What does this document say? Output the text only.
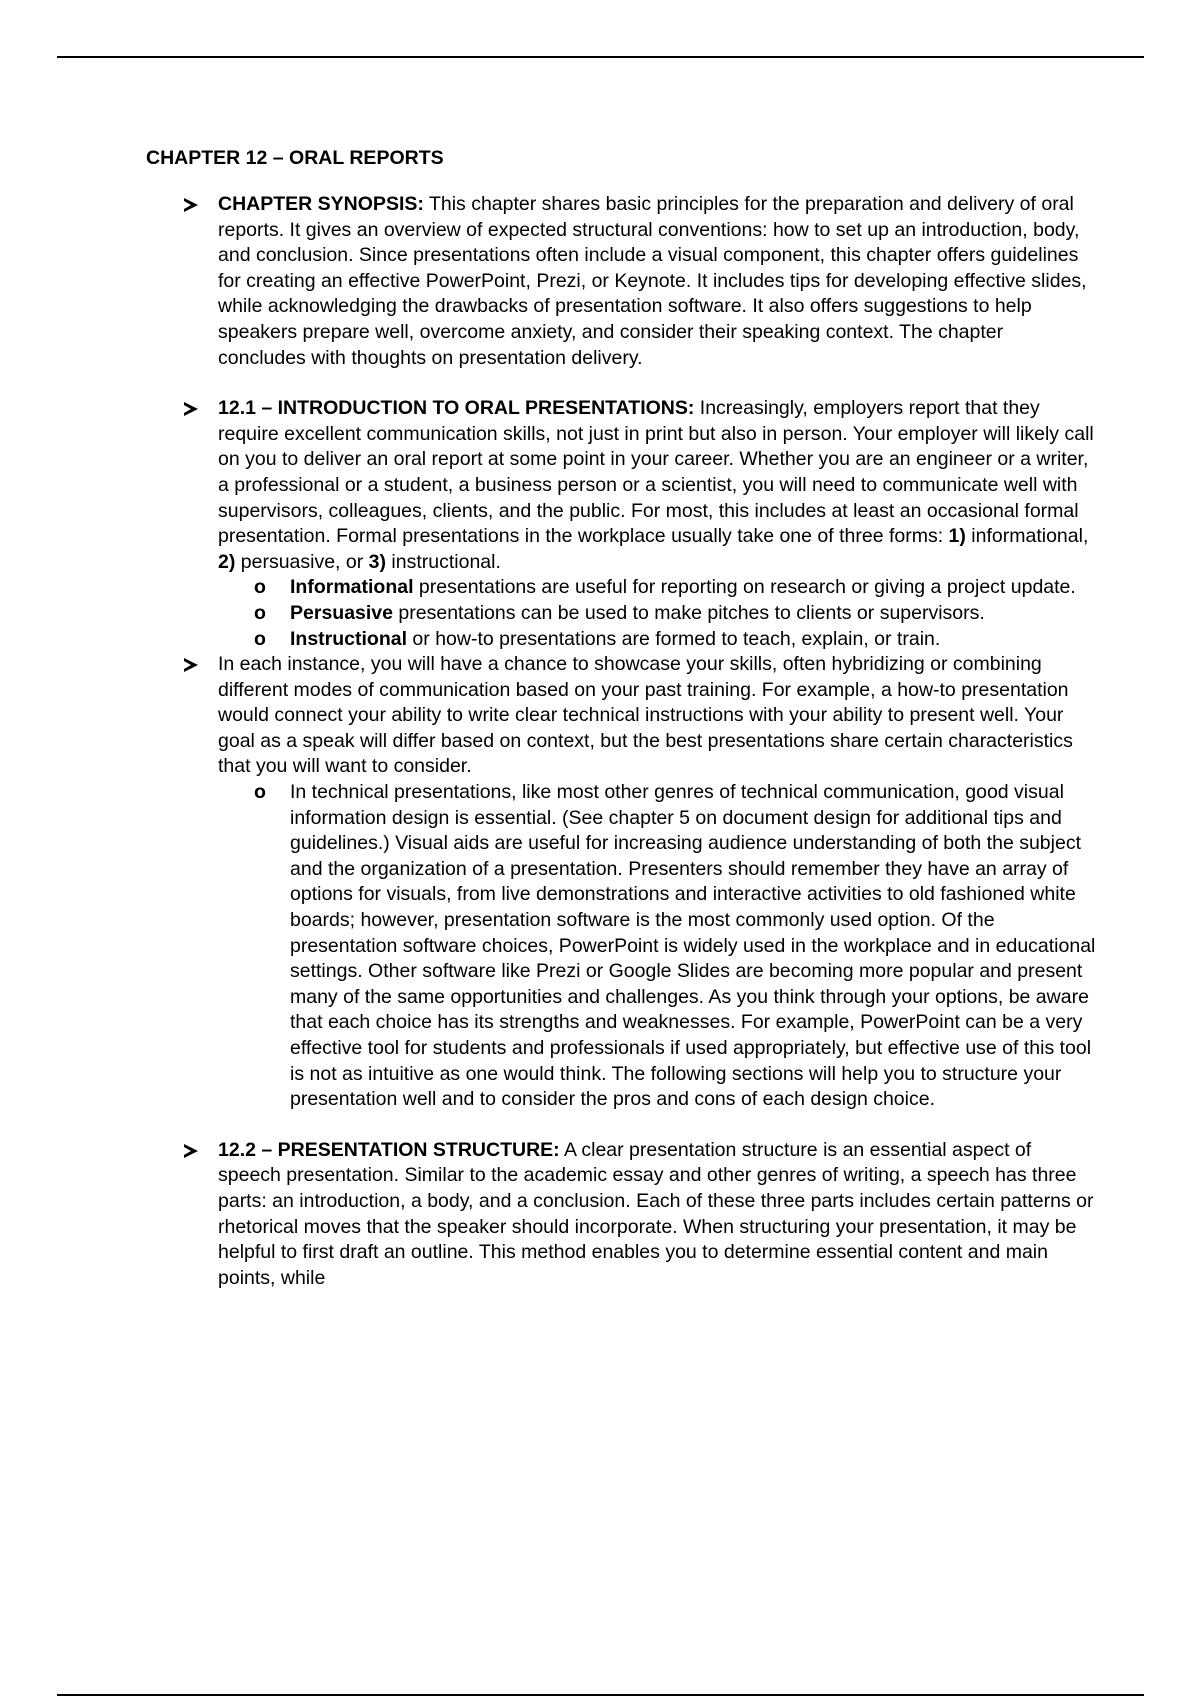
CHAPTER 12 – ORAL REPORTS
CHAPTER SYNOPSIS: This chapter shares basic principles for the preparation and delivery of oral reports. It gives an overview of expected structural conventions: how to set up an introduction, body, and conclusion. Since presentations often include a visual component, this chapter offers guidelines for creating an effective PowerPoint, Prezi, or Keynote. It includes tips for developing effective slides, while acknowledging the drawbacks of presentation software. It also offers suggestions to help speakers prepare well, overcome anxiety, and consider their speaking context. The chapter concludes with thoughts on presentation delivery.
12.1 – INTRODUCTION TO ORAL PRESENTATIONS: Increasingly, employers report that they require excellent communication skills, not just in print but also in person. Your employer will likely call on you to deliver an oral report at some point in your career. Whether you are an engineer or a writer, a professional or a student, a business person or a scientist, you will need to communicate well with supervisors, colleagues, clients, and the public. For most, this includes at least an occasional formal presentation. Formal presentations in the workplace usually take one of three forms: 1) informational, 2) persuasive, or 3) instructional.
o Informational presentations are useful for reporting on research or giving a project update.
o Persuasive presentations can be used to make pitches to clients or supervisors.
o Instructional or how-to presentations are formed to teach, explain, or train.
In each instance, you will have a chance to showcase your skills, often hybridizing or combining different modes of communication based on your past training. For example, a how-to presentation would connect your ability to write clear technical instructions with your ability to present well. Your goal as a speak will differ based on context, but the best presentations share certain characteristics that you will want to consider.
o In technical presentations, like most other genres of technical communication, good visual information design is essential. (See chapter 5 on document design for additional tips and guidelines.) Visual aids are useful for increasing audience understanding of both the subject and the organization of a presentation. Presenters should remember they have an array of options for visuals, from live demonstrations and interactive activities to old fashioned white boards; however, presentation software is the most commonly used option. Of the presentation software choices, PowerPoint is widely used in the workplace and in educational settings. Other software like Prezi or Google Slides are becoming more popular and present many of the same opportunities and challenges. As you think through your options, be aware that each choice has its strengths and weaknesses. For example, PowerPoint can be a very effective tool for students and professionals if used appropriately, but effective use of this tool is not as intuitive as one would think. The following sections will help you to structure your presentation well and to consider the pros and cons of each design choice.
12.2 – PRESENTATION STRUCTURE: A clear presentation structure is an essential aspect of speech presentation. Similar to the academic essay and other genres of writing, a speech has three parts: an introduction, a body, and a conclusion. Each of these three parts includes certain patterns or rhetorical moves that the speaker should incorporate. When structuring your presentation, it may be helpful to first draft an outline. This method enables you to determine essential content and main points, while
